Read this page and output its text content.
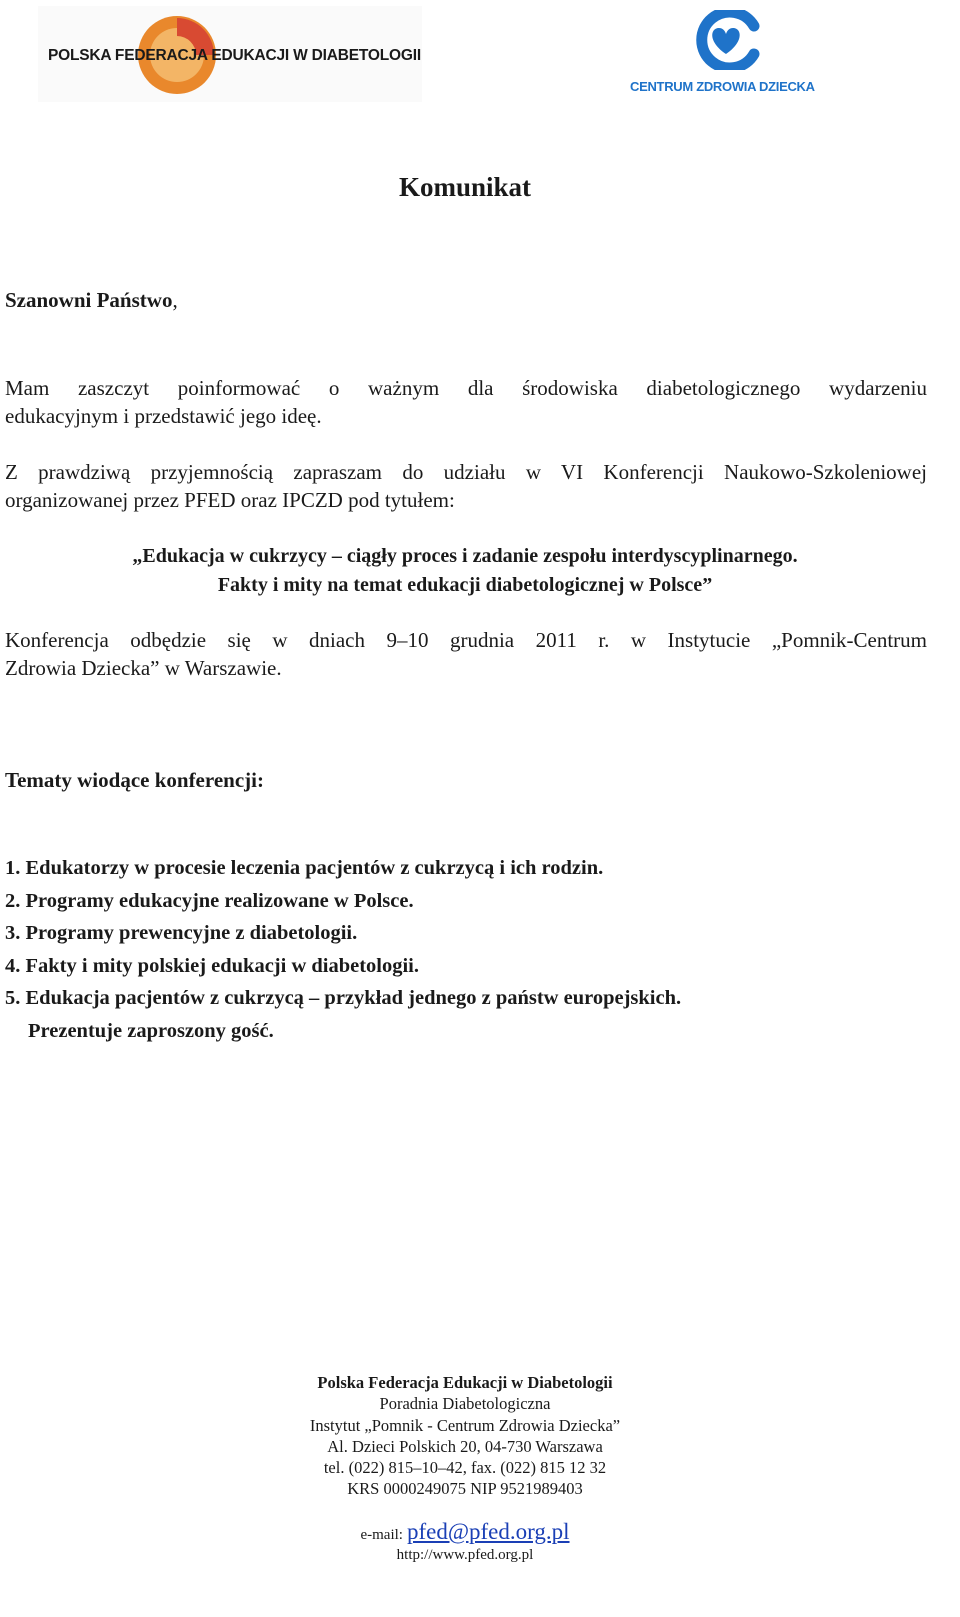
POLSKA FEDERACJA EDUKACJI W DIABETOLOGII
CENTRUM ZDROWIA DZIECKA
Komunikat
Szanowni Państwo,
Mam zaszczyt poinformować o ważnym dla środowiska diabetologicznego wydarzeniu
edukacyjnym i przedstawić jego ideę.
Z prawdziwą przyjemnością zapraszam do udziału w VI Konferencji Naukowo-Szkoleniowej
organizowanej przez PFED oraz IPCZD pod tytułem:
„Edukacja w cukrzycy – ciągły proces i zadanie zespołu interdyscyplinarnego.
Fakty i mity na temat edukacji diabetologicznej w Polsce”
Konferencja odbędzie się w dniach 9–10 grudnia 2011 r. w Instytucie „Pomnik-Centrum
Zdrowia Dziecka” w Warszawie.
Tematy wiodące konferencji:
1. Edukatorzy w procesie leczenia pacjentów z cukrzycą i ich rodzin.
2. Programy edukacyjne realizowane w Polsce.
3. Programy prewencyjne z diabetologii.
4. Fakty i mity polskiej edukacji w diabetologii.
5. Edukacja pacjentów z cukrzycą – przykład jednego z państw europejskich.
Prezentuje zaproszony gość.
Polska Federacja Edukacji w Diabetologii
Poradnia Diabetologiczna
Instytut „Pomnik - Centrum Zdrowia Dziecka”
Al. Dzieci Polskich 20, 04-730 Warszawa
tel. (022) 815–10–42, fax. (022) 815 12 32
KRS 0000249075 NIP 9521989403
e-mail: pfed@pfed.org.pl
http://www.pfed.org.pl
